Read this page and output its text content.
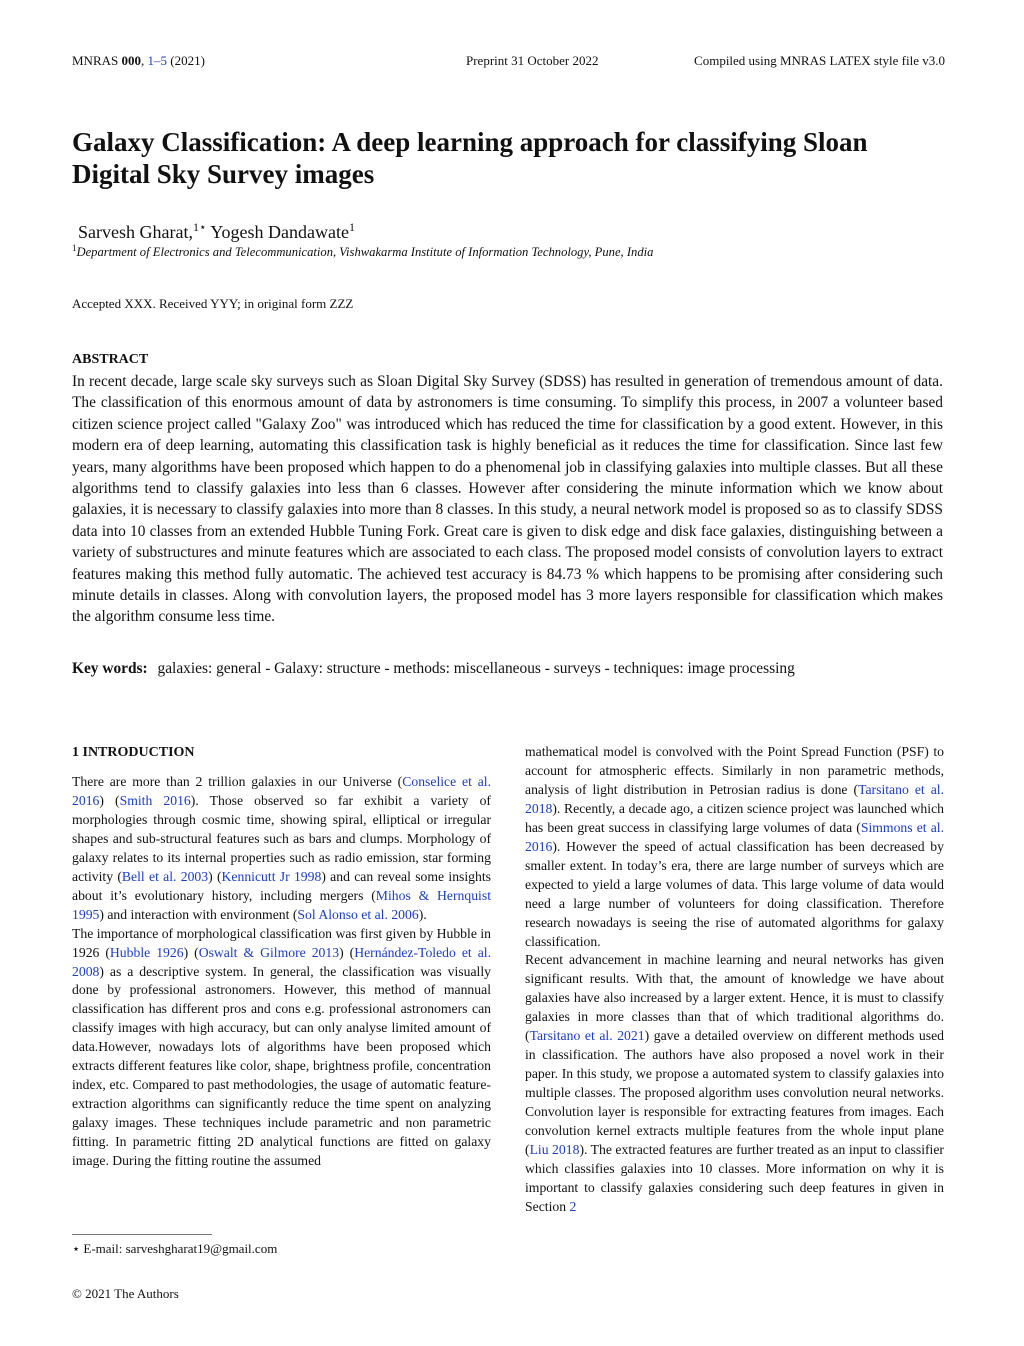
MNRAS 000, 1–5 (2021)	Preprint 31 October 2022	Compiled using MNRAS LATEX style file v3.0
Galaxy Classification: A deep learning approach for classifying Sloan Digital Sky Survey images
Sarvesh Gharat,$^{1⋆}$ Yogesh Dandawate$^1$
$^1$Department of Electronics and Telecommunication, Vishwakarma Institute of Information Technology, Pune, India
Accepted XXX. Received YYY; in original form ZZZ
ABSTRACT
In recent decade, large scale sky surveys such as Sloan Digital Sky Survey (SDSS) has resulted in generation of tremendous amount of data. The classification of this enormous amount of data by astronomers is time consuming. To simplify this process, in 2007 a volunteer based citizen science project called "Galaxy Zoo" was introduced which has reduced the time for classification by a good extent. However, in this modern era of deep learning, automating this classification task is highly beneficial as it reduces the time for classification. Since last few years, many algorithms have been proposed which happen to do a phenomenal job in classifying galaxies into multiple classes. But all these algorithms tend to classify galaxies into less than 6 classes. However after considering the minute information which we know about galaxies, it is necessary to classify galaxies into more than 8 classes. In this study, a neural network model is proposed so as to classify SDSS data into 10 classes from an extended Hubble Tuning Fork. Great care is given to disk edge and disk face galaxies, distinguishing between a variety of substructures and minute features which are associated to each class. The proposed model consists of convolution layers to extract features making this method fully automatic. The achieved test accuracy is 84.73 % which happens to be promising after considering such minute details in classes. Along with convolution layers, the proposed model has 3 more layers responsible for classification which makes the algorithm consume less time.
Key words: galaxies: general - Galaxy: structure - methods: miscellaneous - surveys - techniques: image processing
1 INTRODUCTION

There are more than 2 trillion galaxies in our Universe (Conselice et al. 2016) (Smith 2016). Those observed so far exhibit a variety of morphologies through cosmic time, showing spiral, elliptical or irregular shapes and sub-structural features such as bars and clumps. Morphology of galaxy relates to its internal properties such as radio emission, star forming activity (Bell et al. 2003) (Kennicutt Jr 1998) and can reveal some insights about it’s evolutionary history, including mergers (Mihos & Hernquist 1995) and interaction with environment (Sol Alonso et al. 2006).

The importance of morphological classification was first given by Hubble in 1926 (Hubble 1926) (Oswalt & Gilmore 2013) (Hernández-Toledo et al. 2008) as a descriptive system. In general, the classification was visually done by professional astronomers. However, this method of mannual classification has different pros and cons e.g. professional astronomers can classify images with high accuracy, but can only analyse limited amount of data.However, nowadays lots of algorithms have been proposed which extracts different features like color, shape, brightness profile, concentration index, etc. Compared to past methodologies, the usage of automatic feature-extraction algorithms can significantly reduce the time spent on analyzing galaxy images. These techniques include parametric and non parametric fitting. In parametric fitting 2D analytical functions are fitted on galaxy image. During the fitting routine the assumed

mathematical model is convolved with the Point Spread Function (PSF) to account for atmospheric effects. Similarly in non parametric methods, analysis of light distribution in Petrosian radius is done (Tarsitano et al. 2018). Recently, a decade ago, a citizen science project was launched which has been great success in classifying large volumes of data (Simmons et al. 2016). However the speed of actual classification has been decreased by smaller extent. In today’s era, there are large number of surveys which are expected to yield a large volumes of data. This large volume of data would need a large number of volunteers for doing classification. Therefore research nowadays is seeing the rise of automated algorithms for galaxy classification.

Recent advancement in machine learning and neural networks has given significant results. With that, the amount of knowledge we have about galaxies have also increased by a larger extent. Hence, it is must to classify galaxies in more classes than that of which traditional algorithms do. (Tarsitano et al. 2021) gave a detailed overview on different methods used in classification. The authors have also proposed a novel work in their paper. In this study, we propose a automated system to classify galaxies into multiple classes. The proposed algorithm uses convolution neural networks. Convolution layer is responsible for extracting features from images. Each convolution kernel extracts multiple features from the whole input plane (Liu 2018). The extracted features are further treated as an input to classifier which classifies galaxies into 10 classes. More information on why it is important to classify galaxies considering such deep features in given in Section 2

⋆ E-mail: sarveshgharat19@gmail.com
© 2021 The Authors
